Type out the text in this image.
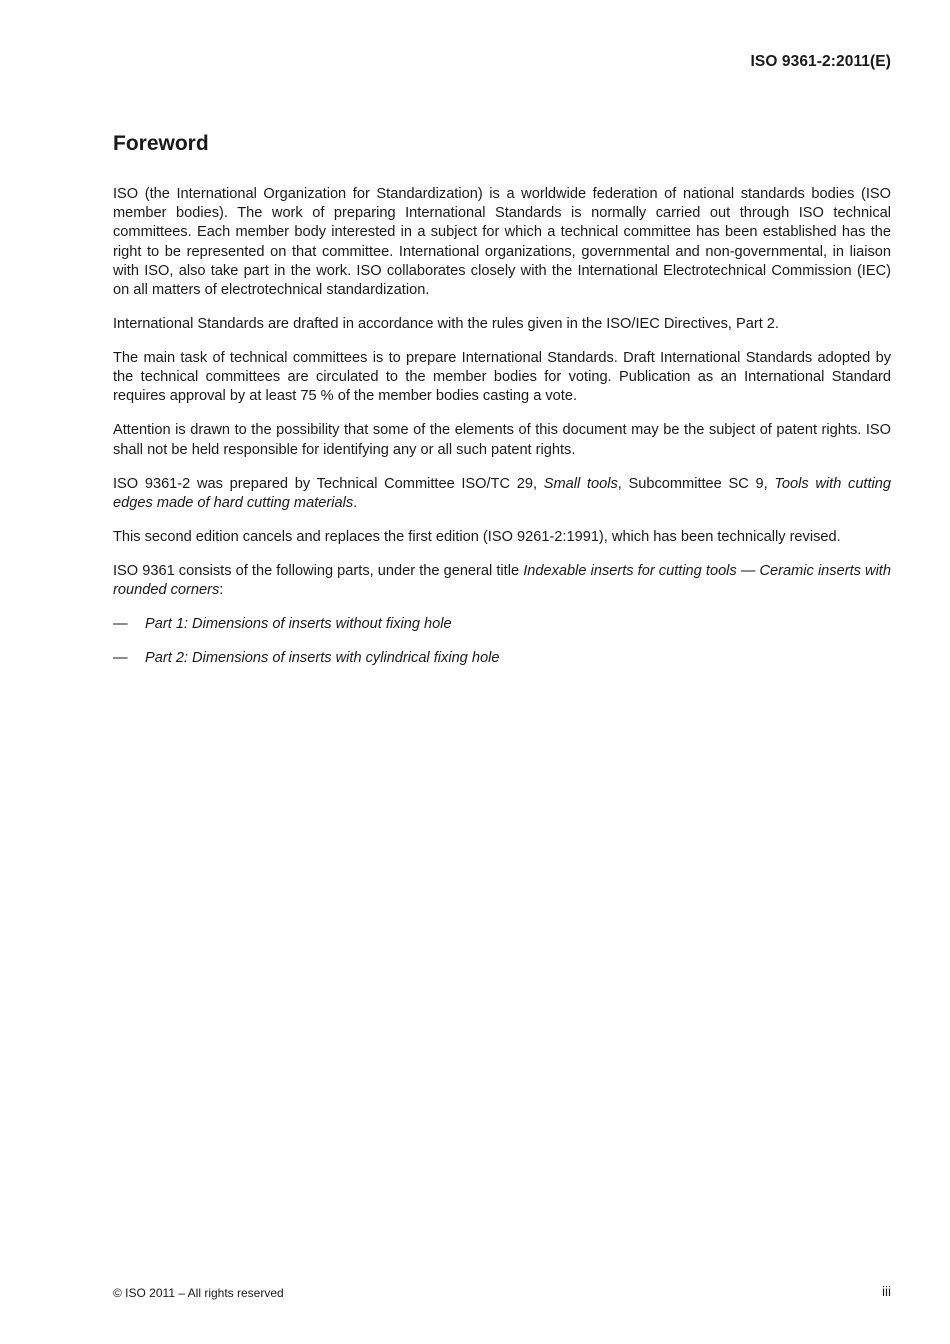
ISO 9361-2:2011(E)
Foreword

ISO (the International Organization for Standardization) is a worldwide federation of national standards bodies (ISO member bodies). The work of preparing International Standards is normally carried out through ISO technical committees. Each member body interested in a subject for which a technical committee has been established has the right to be represented on that committee. International organizations, governmental and non-governmental, in liaison with ISO, also take part in the work. ISO collaborates closely with the International Electrotechnical Commission (IEC) on all matters of electrotechnical standardization.

International Standards are drafted in accordance with the rules given in the ISO/IEC Directives, Part 2.

The main task of technical committees is to prepare International Standards. Draft International Standards adopted by the technical committees are circulated to the member bodies for voting. Publication as an International Standard requires approval by at least 75 % of the member bodies casting a vote.

Attention is drawn to the possibility that some of the elements of this document may be the subject of patent rights. ISO shall not be held responsible for identifying any or all such patent rights.

ISO 9361-2 was prepared by Technical Committee ISO/TC 29, Small tools, Subcommittee SC 9, Tools with cutting edges made of hard cutting materials.

This second edition cancels and replaces the first edition (ISO 9261-2:1991), which has been technically revised.

ISO 9361 consists of the following parts, under the general title Indexable inserts for cutting tools — Ceramic inserts with rounded corners:

—	Part 1: Dimensions of inserts without fixing hole
—	Part 2: Dimensions of inserts with cylindrical fixing hole
© ISO 2011 – All rights reserved	iii
